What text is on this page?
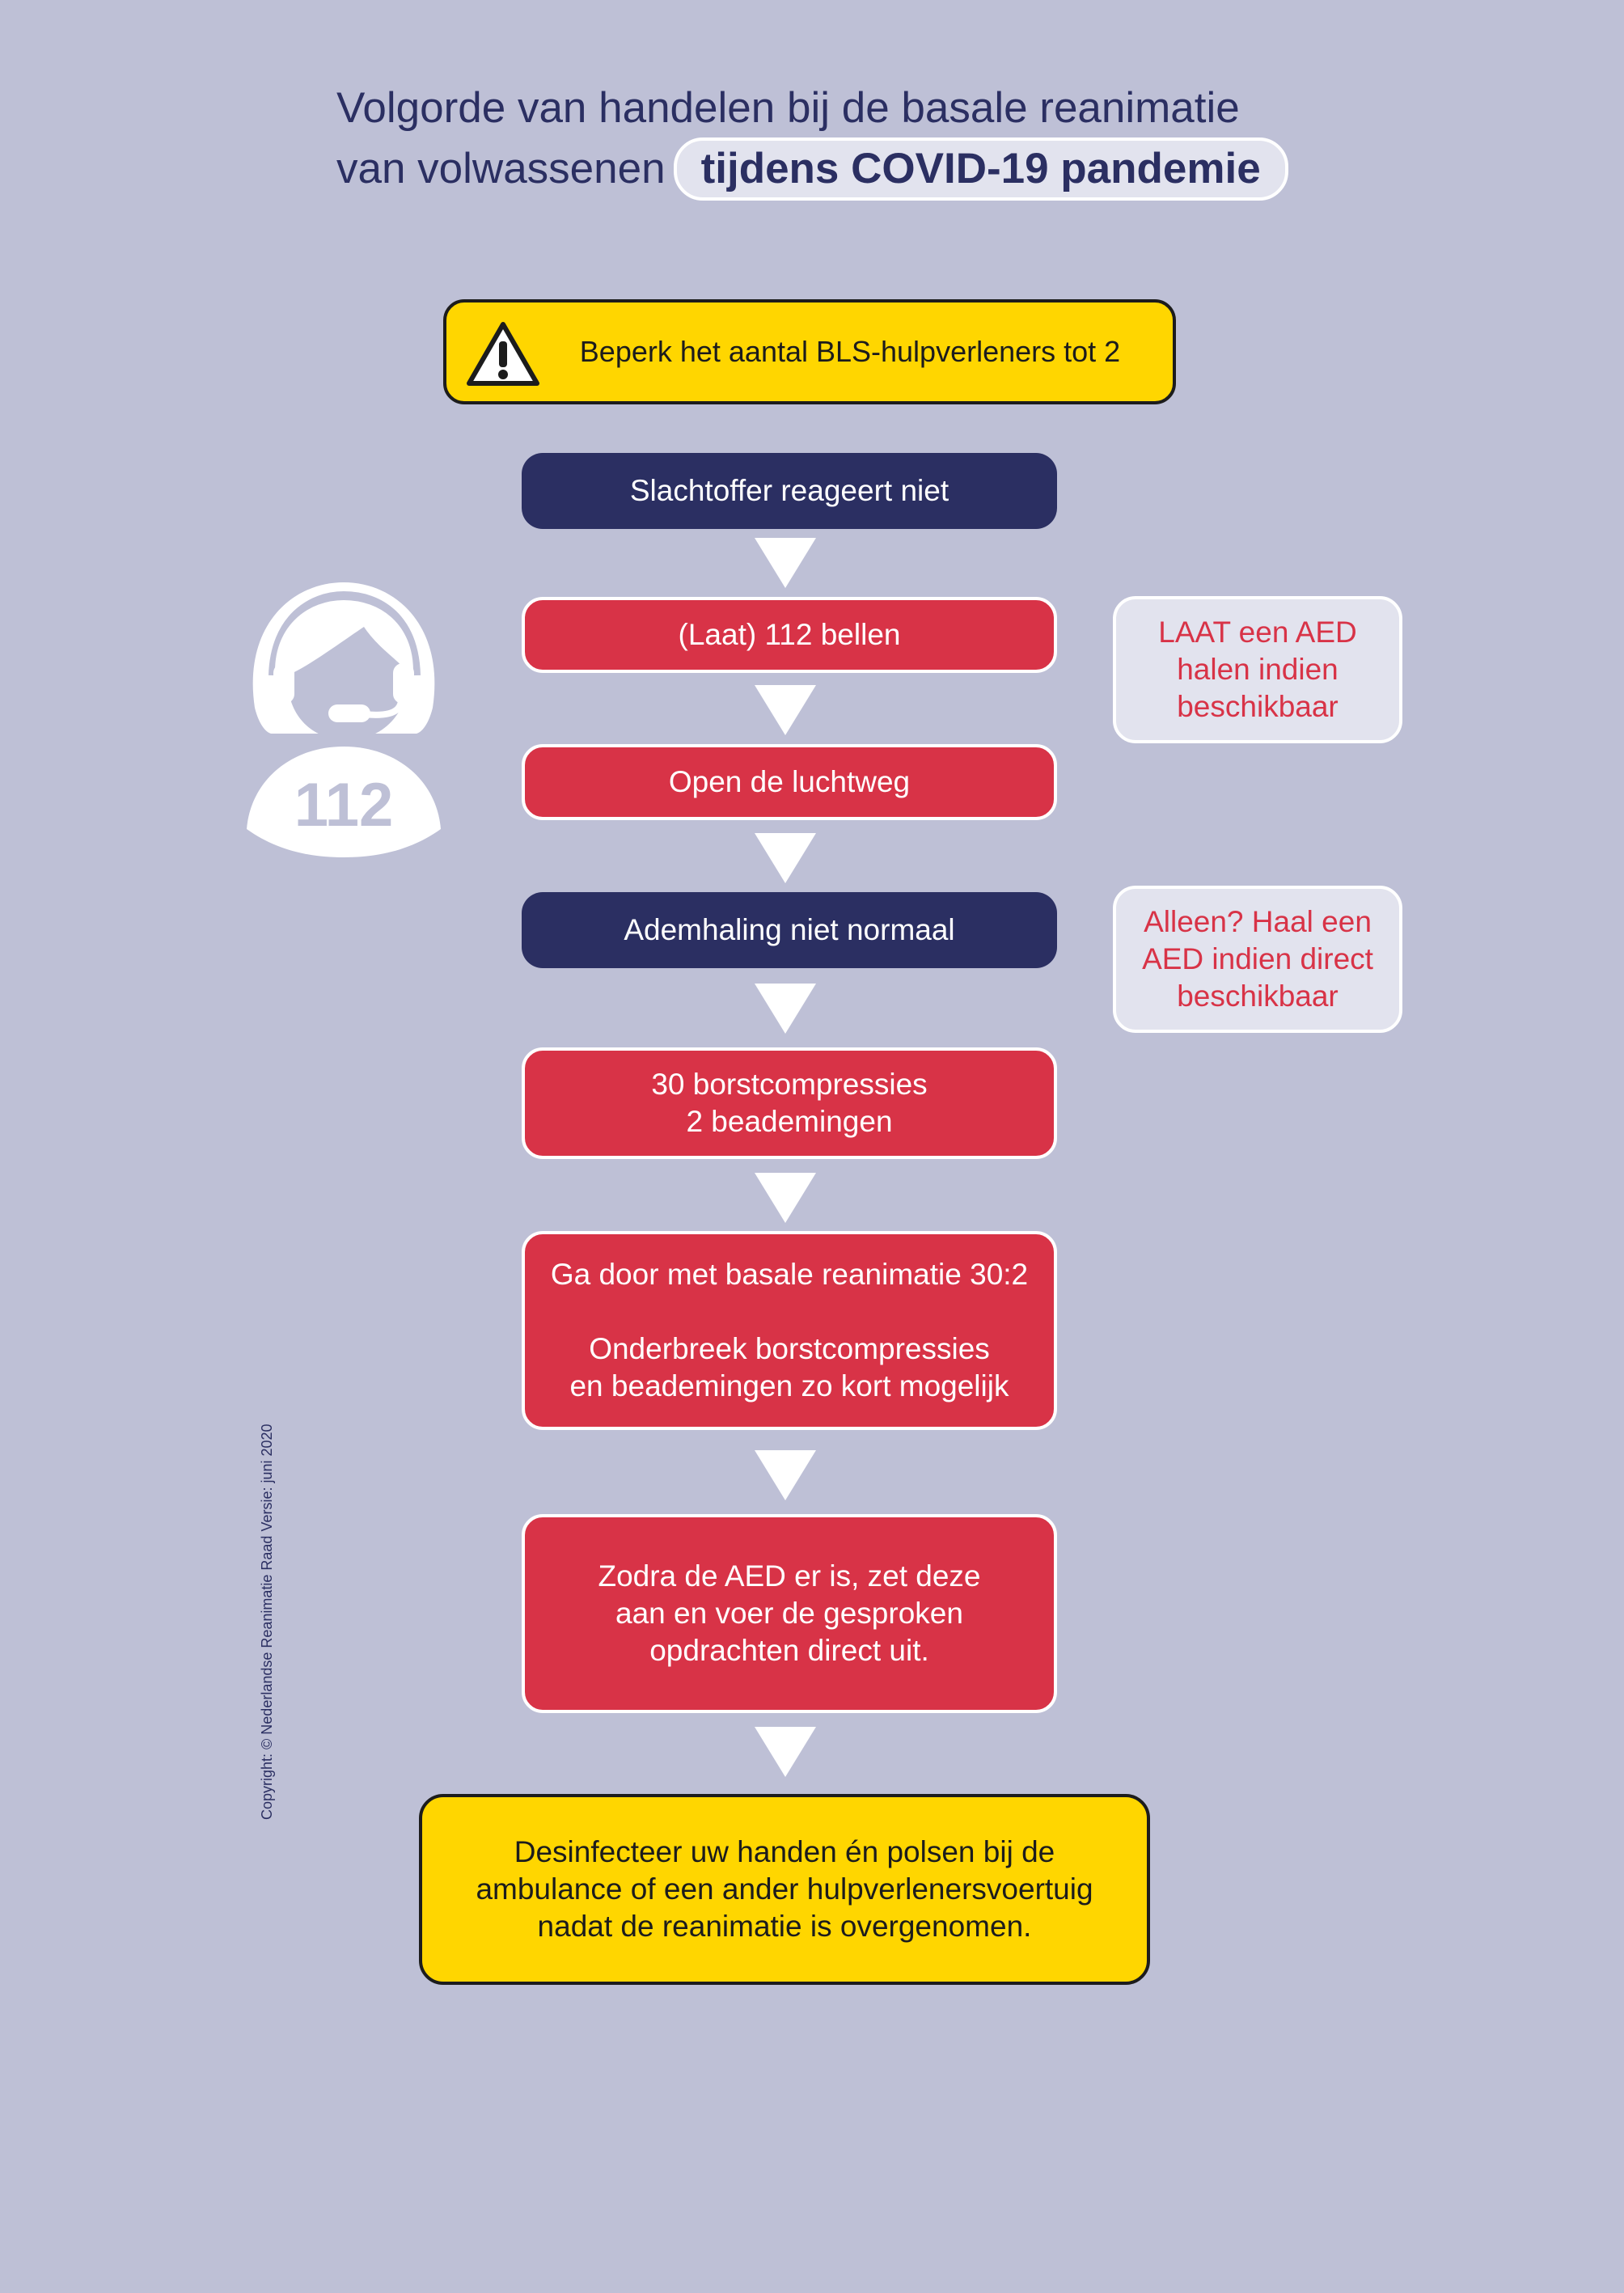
Volgorde van handelen bij de basale reanimatie
van volwassenen tijdens COVID-19 pandemie
Beperk het aantal BLS-hulpverleners tot 2
Slachtoffer reageert niet
(Laat) 112 bellen
Open de luchtweg
Ademhaling niet normaal
30 borstcompressies
2 beademingen
Ga door met basale reanimatie 30:2

Onderbreek borstcompressies
en beademingen zo kort mogelijk
Zodra de AED er is, zet deze
aan en voer de gesproken
opdrachten direct uit.
Desinfecteer uw handen én polsen bij de
ambulance of een ander hulpverlenersvoertuig
nadat de reanimatie is overgenomen.
LAAT een AED
halen indien
beschikbaar
Alleen? Haal een
AED indien direct
beschikbaar
112
Copyright: © Nederlandse Reanimatie Raad Versie: juni 2020
